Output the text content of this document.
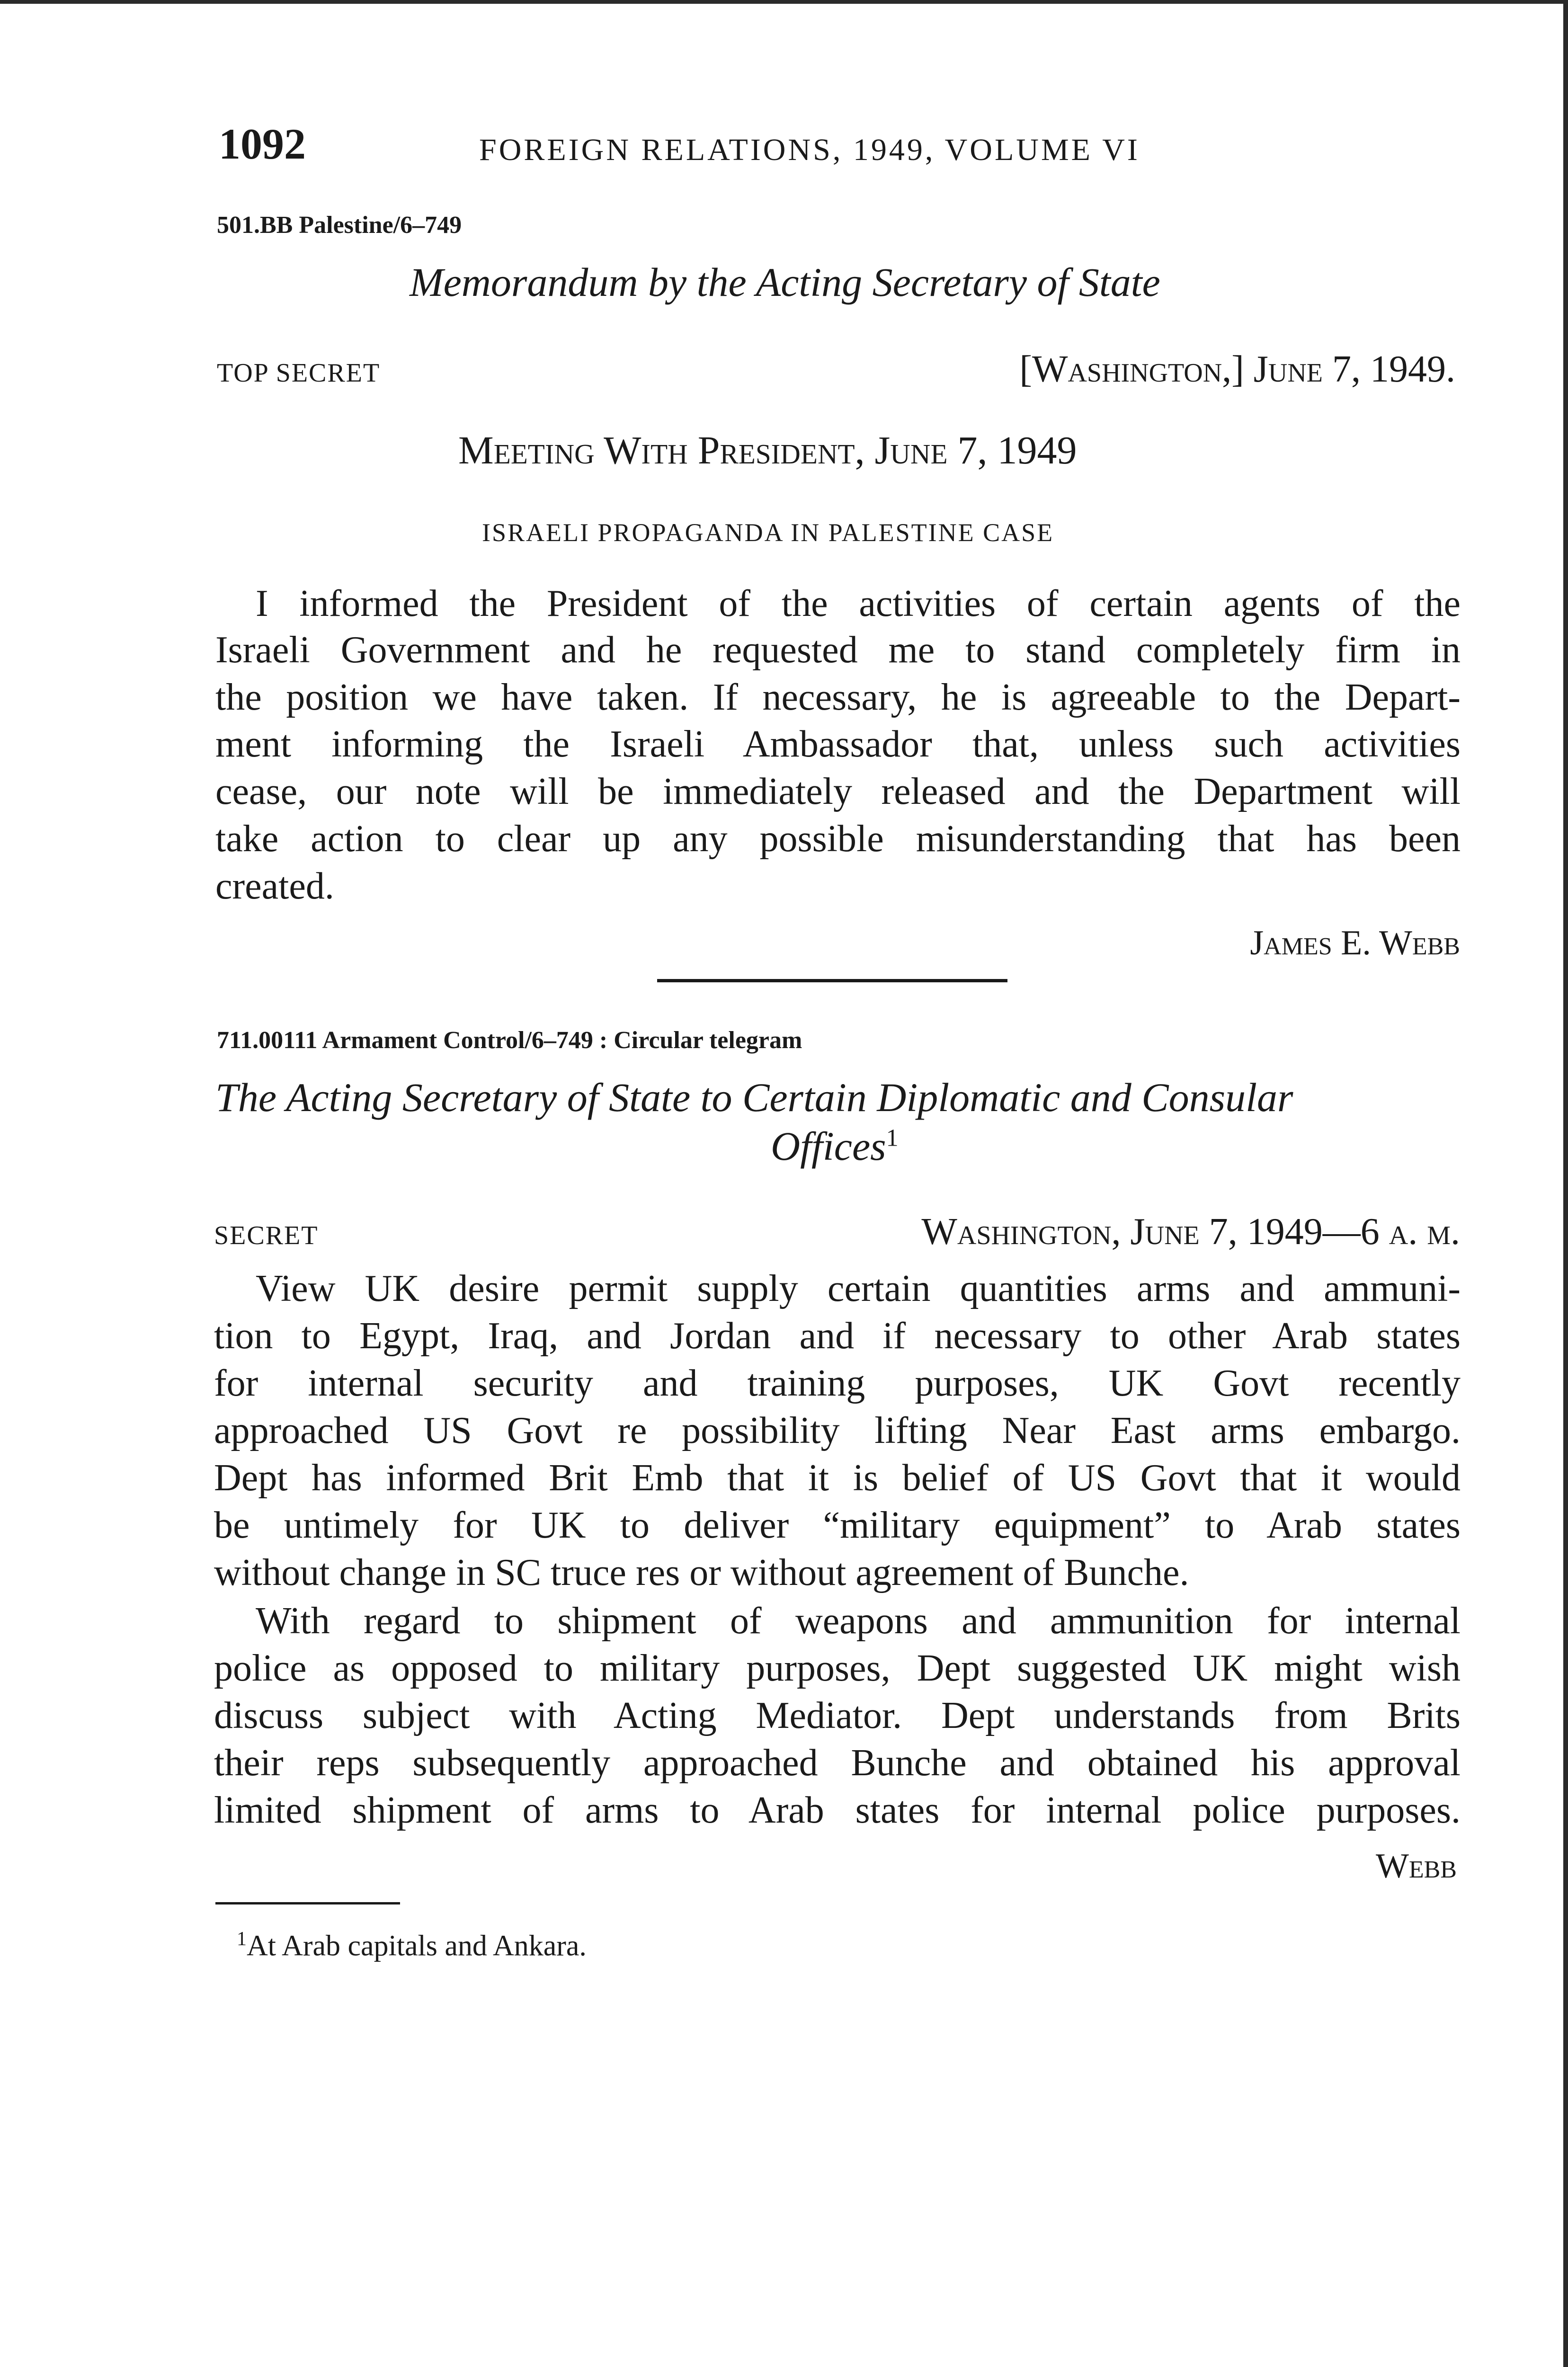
1092	FOREIGN RELATIONS, 1949, VOLUME VI
501.BB Palestine/6–749
Memorandum by the Acting Secretary of State
TOP SECRET	[Washington,] June 7, 1949.
Meeting With President, June 7, 1949
ISRAELI PROPAGANDA IN PALESTINE CASE
I informed the President of the activities of certain agents of the
Israeli Government and he requested me to stand completely firm in
the position we have taken. If necessary, he is agreeable to the Depart-
ment informing the Israeli Ambassador that, unless such activities
cease, our note will be immediately released and the Department will
take action to clear up any possible misunderstanding that has been
created.
James E. Webb
711.00111 Armament Control/6–749 : Circular telegram
The Acting Secretary of State to Certain Diplomatic and Consular
Offices$^1$
SECRET	Washington, June 7, 1949—6 a. m.
View UK desire permit supply certain quantities arms and ammuni-
tion to Egypt, Iraq, and Jordan and if necessary to other Arab states
for internal security and training purposes, UK Govt recently
approached US Govt re possibility lifting Near East arms embargo.
Dept has informed Brit Emb that it is belief of US Govt that it would
be untimely for UK to deliver “military equipment” to Arab states
without change in SC truce res or without agreement of Bunche.
With regard to shipment of weapons and ammunition for internal
police as opposed to military purposes, Dept suggested UK might wish
discuss subject with Acting Mediator. Dept understands from Brits
their reps subsequently approached Bunche and obtained his approval
limited shipment of arms to Arab states for internal police purposes.
Webb
$^1$At Arab capitals and Ankara.
